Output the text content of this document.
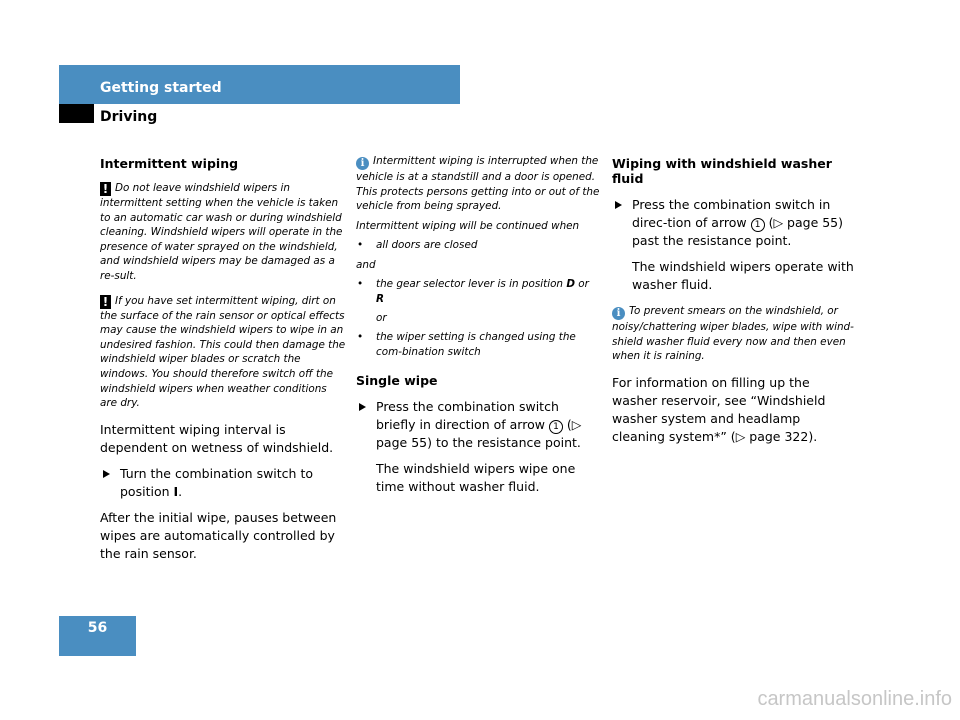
Getting started
Driving
Intermittent wiping
! Do not leave windshield wipers in intermittent setting when the vehicle is taken to an automatic car wash or during windshield cleaning. Windshield wipers will operate in the presence of water sprayed on the windshield, and windshield wipers may be damaged as a re-sult.
! If you have set intermittent wiping, dirt on the surface of the rain sensor or optical effects may cause the windshield wipers to wipe in an undesired fashion. This could then damage the windshield wiper blades or scratch the windows. You should therefore switch off the windshield wipers when weather conditions are dry.
Intermittent wiping interval is dependent on wetness of windshield.
Turn the combination switch to position I.
After the initial wipe, pauses between wipes are automatically controlled by the rain sensor.
i Intermittent wiping is interrupted when the vehicle is at a standstill and a door is opened. This protects persons getting into or out of the vehicle from being sprayed.
Intermittent wiping will be continued when
• all doors are closed
and
• the gear selector lever is in position D or R
or
• the wiper setting is changed using the com-bination switch
Single wipe
Press the combination switch briefly in direction of arrow 1 (▷ page 55) to the resistance point.
The windshield wipers wipe one time without washer fluid.
Wiping with windshield washer fluid
Press the combination switch in direc-tion of arrow 1 (▷ page 55) past the resistance point.
The windshield wipers operate with washer fluid.
i To prevent smears on the windshield, or noisy/chattering wiper blades, wipe with wind-shield washer fluid every now and then even when it is raining.
For information on filling up the washer reservoir, see “Windshield washer system and headlamp cleaning system*” (▷ page 322).
56
carmanualsonline.info
